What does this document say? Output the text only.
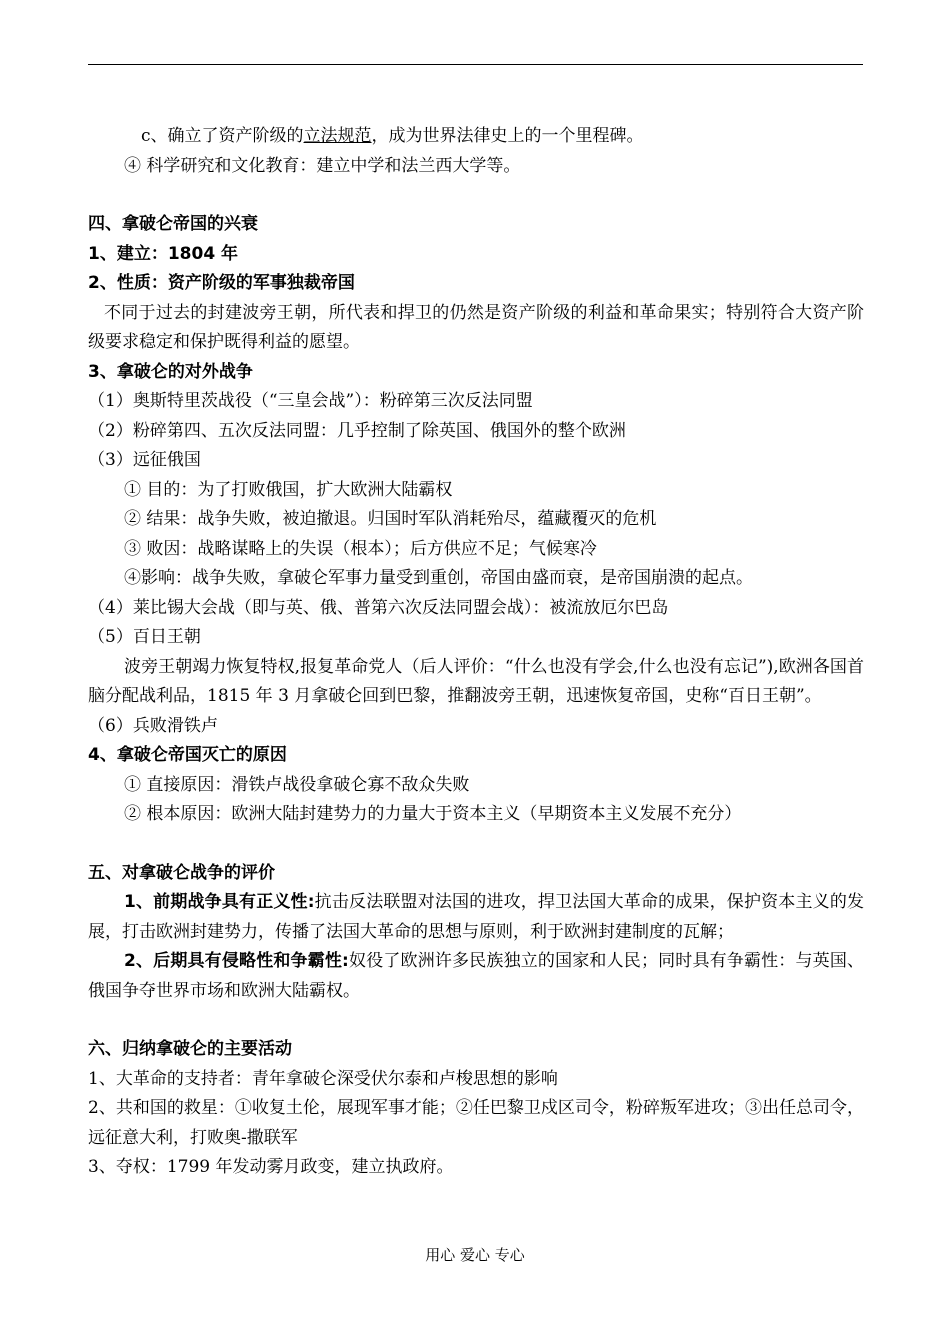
c、确立了资产阶级的立法规范，成为世界法律史上的一个里程碑。

④ 科学研究和文化教育：建立中学和法兰西大学等。

四、拿破仑帝国的兴衰

1、建立：1804 年

2、性质：资产阶级的军事独裁帝国

不同于过去的封建波旁王朝，所代表和捍卫的仍然是资产阶级的利益和革命果实；特别符合大资产阶级要求稳定和保护既得利益的愿望。

3、拿破仑的对外战争

（1）奥斯特里茨战役（“三皇会战”）：粉碎第三次反法同盟

（2）粉碎第四、五次反法同盟：几乎控制了除英国、俄国外的整个欧洲

（3）远征俄国

① 目的：为了打败俄国，扩大欧洲大陆霸权

② 结果：战争失败，被迫撤退。归国时军队消耗殆尽，蕴藏覆灭的危机

③ 败因：战略谋略上的失误（根本）；后方供应不足；气候寒冷

④影响：战争失败，拿破仑军事力量受到重创，帝国由盛而衰，是帝国崩溃的起点。

（4）莱比锡大会战（即与英、俄、普第六次反法同盟会战）：被流放厄尔巴岛

（5）百日王朝

波旁王朝竭力恢复特权,报复革命党人（后人评价：“什么也没有学会,什么也没有忘记”),欧洲各国首脑分配战利品，1815 年 3 月拿破仑回到巴黎，推翻波旁王朝，迅速恢复帝国，史称“百日王朝”。

（6）兵败滑铁卢

4、拿破仑帝国灭亡的原因

① 直接原因：滑铁卢战役拿破仑寡不敌众失败

② 根本原因：欧洲大陆封建势力的力量大于资本主义（早期资本主义发展不充分）

五、对拿破仑战争的评价

1、前期战争具有正义性:抗击反法联盟对法国的进攻，捍卫法国大革命的成果，保护资本主义的发展，打击欧洲封建势力，传播了法国大革命的思想与原则，利于欧洲封建制度的瓦解；

2、后期具有侵略性和争霸性:奴役了欧洲许多民族独立的国家和人民；同时具有争霸性：与英国、俄国争夺世界市场和欧洲大陆霸权。

六、归纳拿破仑的主要活动

1、大革命的支持者：青年拿破仑深受伏尔泰和卢梭思想的影响

2、共和国的救星：①收复土伦，展现军事才能；②任巴黎卫戍区司令，粉碎叛军进攻；③出任总司令，远征意大利，打败奥-撒联军

3、夺权：1799 年发动雾月政变，建立执政府。

用心 爱心 专心
